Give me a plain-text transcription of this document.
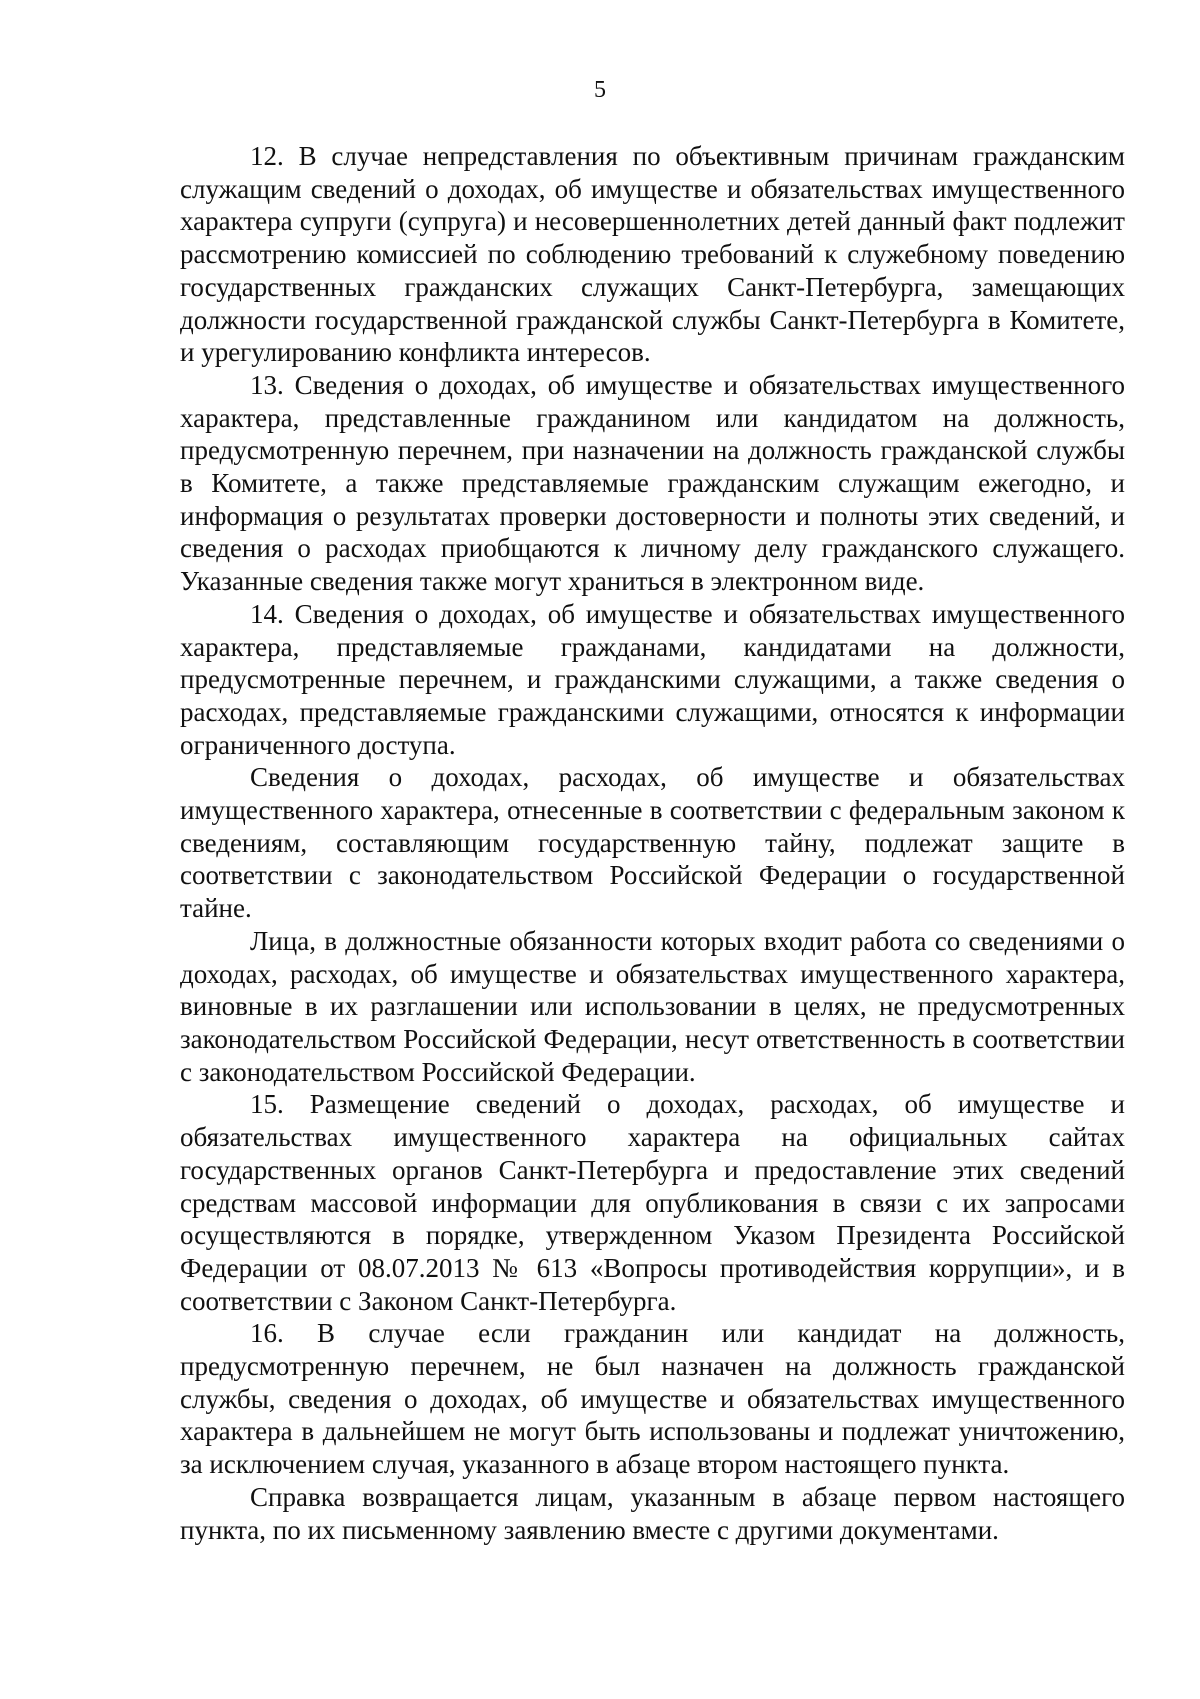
5

12. В случае непредставления по объективным причинам гражданским служащим сведений о доходах, об имуществе и обязательствах имущественного характера супруги (супруга) и несовершеннолетних детей данный факт подлежит рассмотрению комиссией по соблюдению требований к служебному поведению государственных гражданских служащих Санкт-Петербурга, замещающих должности государственной гражданской службы Санкт-Петербурга в Комитете, и урегулированию конфликта интересов.

13. Сведения о доходах, об имуществе и обязательствах имущественного характера, представленные гражданином или кандидатом на должность, предусмотренную перечнем, при назначении на должность гражданской службы в Комитете, а также представляемые гражданским служащим ежегодно, и информация о результатах проверки достоверности и полноты этих сведений, и сведения о расходах приобщаются к личному делу гражданского служащего. Указанные сведения также могут храниться в электронном виде.

14. Сведения о доходах, об имуществе и обязательствах имущественного характера, представляемые гражданами, кандидатами на должности, предусмотренные перечнем, и гражданскими служащими, а также сведения о расходах, представляемые гражданскими служащими, относятся к информации ограниченного доступа.

Сведения о доходах, расходах, об имуществе и обязательствах имущественного характера, отнесенные в соответствии с федеральным законом к сведениям, составляющим государственную тайну, подлежат защите в соответствии с законодательством Российской Федерации о государственной тайне.

Лица, в должностные обязанности которых входит работа со сведениями о доходах, расходах, об имуществе и обязательствах имущественного характера, виновные в их разглашении или использовании в целях, не предусмотренных законодательством Российской Федерации, несут ответственность в соответствии с законодательством Российской Федерации.

15. Размещение сведений о доходах, расходах, об имуществе и обязательствах имущественного характера на официальных сайтах государственных органов Санкт-Петербурга и предоставление этих сведений средствам массовой информации для опубликования в связи с их запросами осуществляются в порядке, утвержденном Указом Президента Российской Федерации от 08.07.2013 № 613 «Вопросы противодействия коррупции», и в соответствии с Законом Санкт-Петербурга.

16. В случае если гражданин или кандидат на должность, предусмотренную перечнем, не был назначен на должность гражданской службы, сведения о доходах, об имуществе и обязательствах имущественного характера в дальнейшем не могут быть использованы и подлежат уничтожению, за исключением случая, указанного в абзаце втором настоящего пункта.

Справка возвращается лицам, указанным в абзаце первом настоящего пункта, по их письменному заявлению вместе с другими документами.
